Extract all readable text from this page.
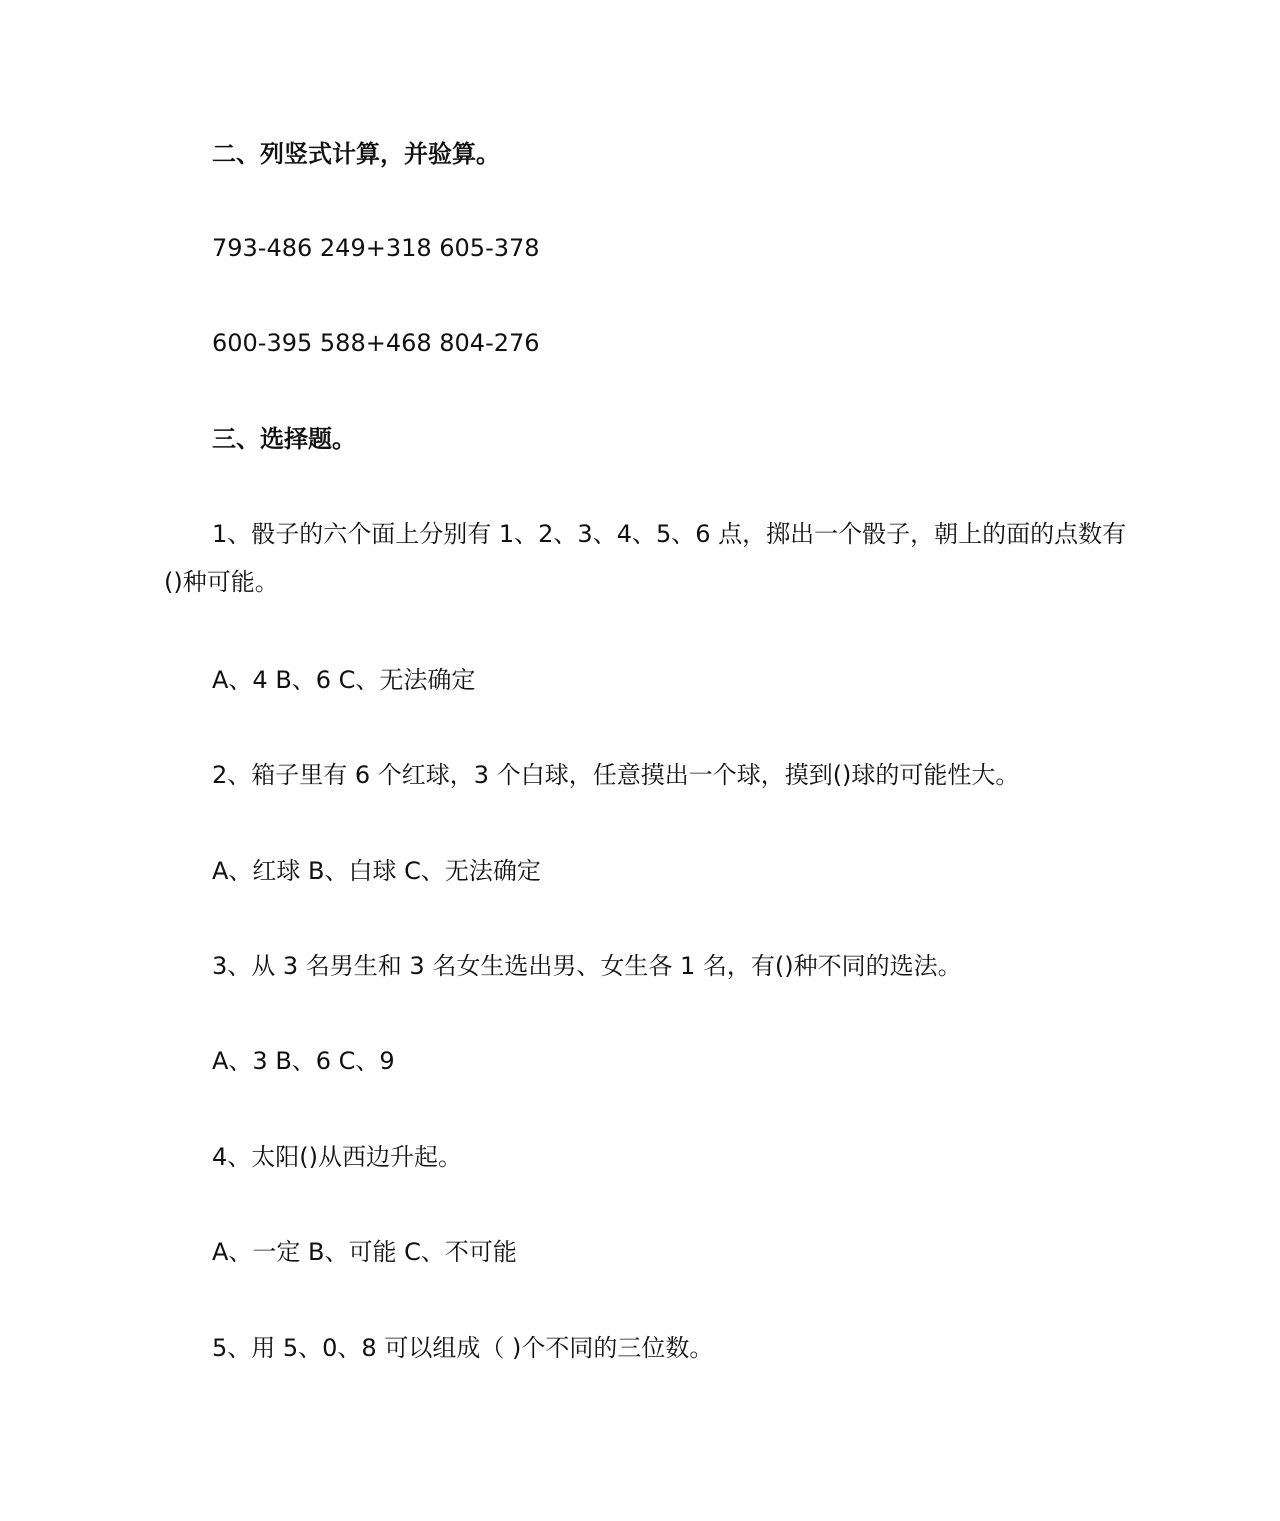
二、列竖式计算，并验算。
793-486 249+318 605-378
600-395 588+468 804-276
三、选择题。
1、骰子的六个面上分别有 1、2、3、4、5、6 点，掷出一个骰子，朝上的面的点数有()种可能。
A、4 B、6 C、无法确定
2、箱子里有 6 个红球，3 个白球，任意摸出一个球，摸到()球的可能性大。
A、红球 B、白球 C、无法确定
3、从 3 名男生和 3 名女生选出男、女生各 1 名，有()种不同的选法。
A、3 B、6 C、9
4、太阳()从西边升起。
A、一定 B、可能 C、不可能
5、用 5、0、8 可以组成（ )个不同的三位数。
